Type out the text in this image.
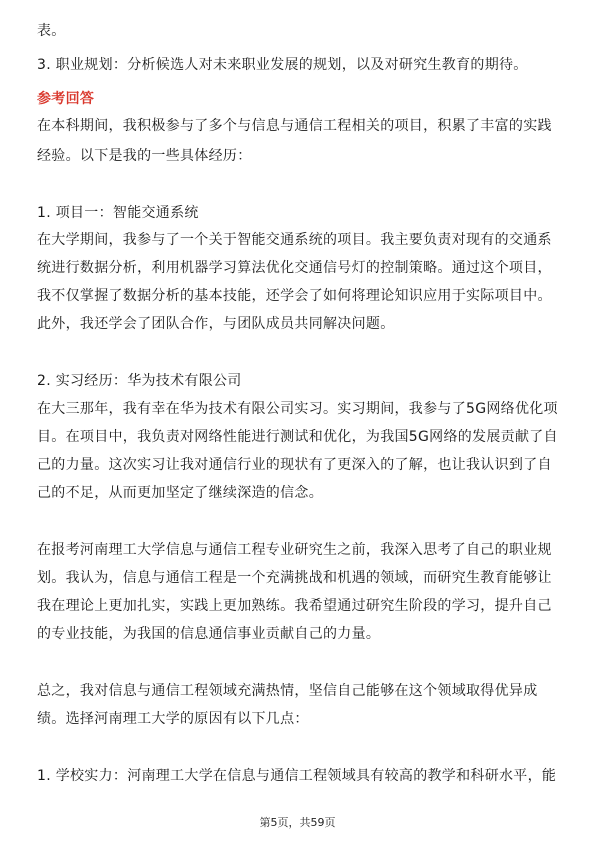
表。
3. 职业规划：分析候选人对未来职业发展的规划，以及对研究生教育的期待。
参考回答
在本科期间，我积极参与了多个与信息与通信工程相关的项目，积累了丰富的实践
经验。以下是我的一些具体经历：
1. 项目一：智能交通系统
在大学期间，我参与了一个关于智能交通系统的项目。我主要负责对现有的交通系
统进行数据分析，利用机器学习算法优化交通信号灯的控制策略。通过这个项目，
我不仅掌握了数据分析的基本技能，还学会了如何将理论知识应用于实际项目中。
此外，我还学会了团队合作，与团队成员共同解决问题。
2. 实习经历：华为技术有限公司
在大三那年，我有幸在华为技术有限公司实习。实习期间，我参与了5G网络优化项
目。在项目中，我负责对网络性能进行测试和优化，为我国5G网络的发展贡献了自
己的力量。这次实习让我对通信行业的现状有了更深入的了解，也让我认识到了自
己的不足，从而更加坚定了继续深造的信念。
在报考河南理工大学信息与通信工程专业研究生之前，我深入思考了自己的职业规
划。我认为，信息与通信工程是一个充满挑战和机遇的领域，而研究生教育能够让
我在理论上更加扎实，实践上更加熟练。我希望通过研究生阶段的学习，提升自己
的专业技能，为我国的信息通信事业贡献自己的力量。
总之，我对信息与通信工程领域充满热情，坚信自己能够在这个领域取得优异成
绩。选择河南理工大学的原因有以下几点：
1. 学校实力：河南理工大学在信息与通信工程领域具有较高的教学和科研水平，能
第5页，共59页
